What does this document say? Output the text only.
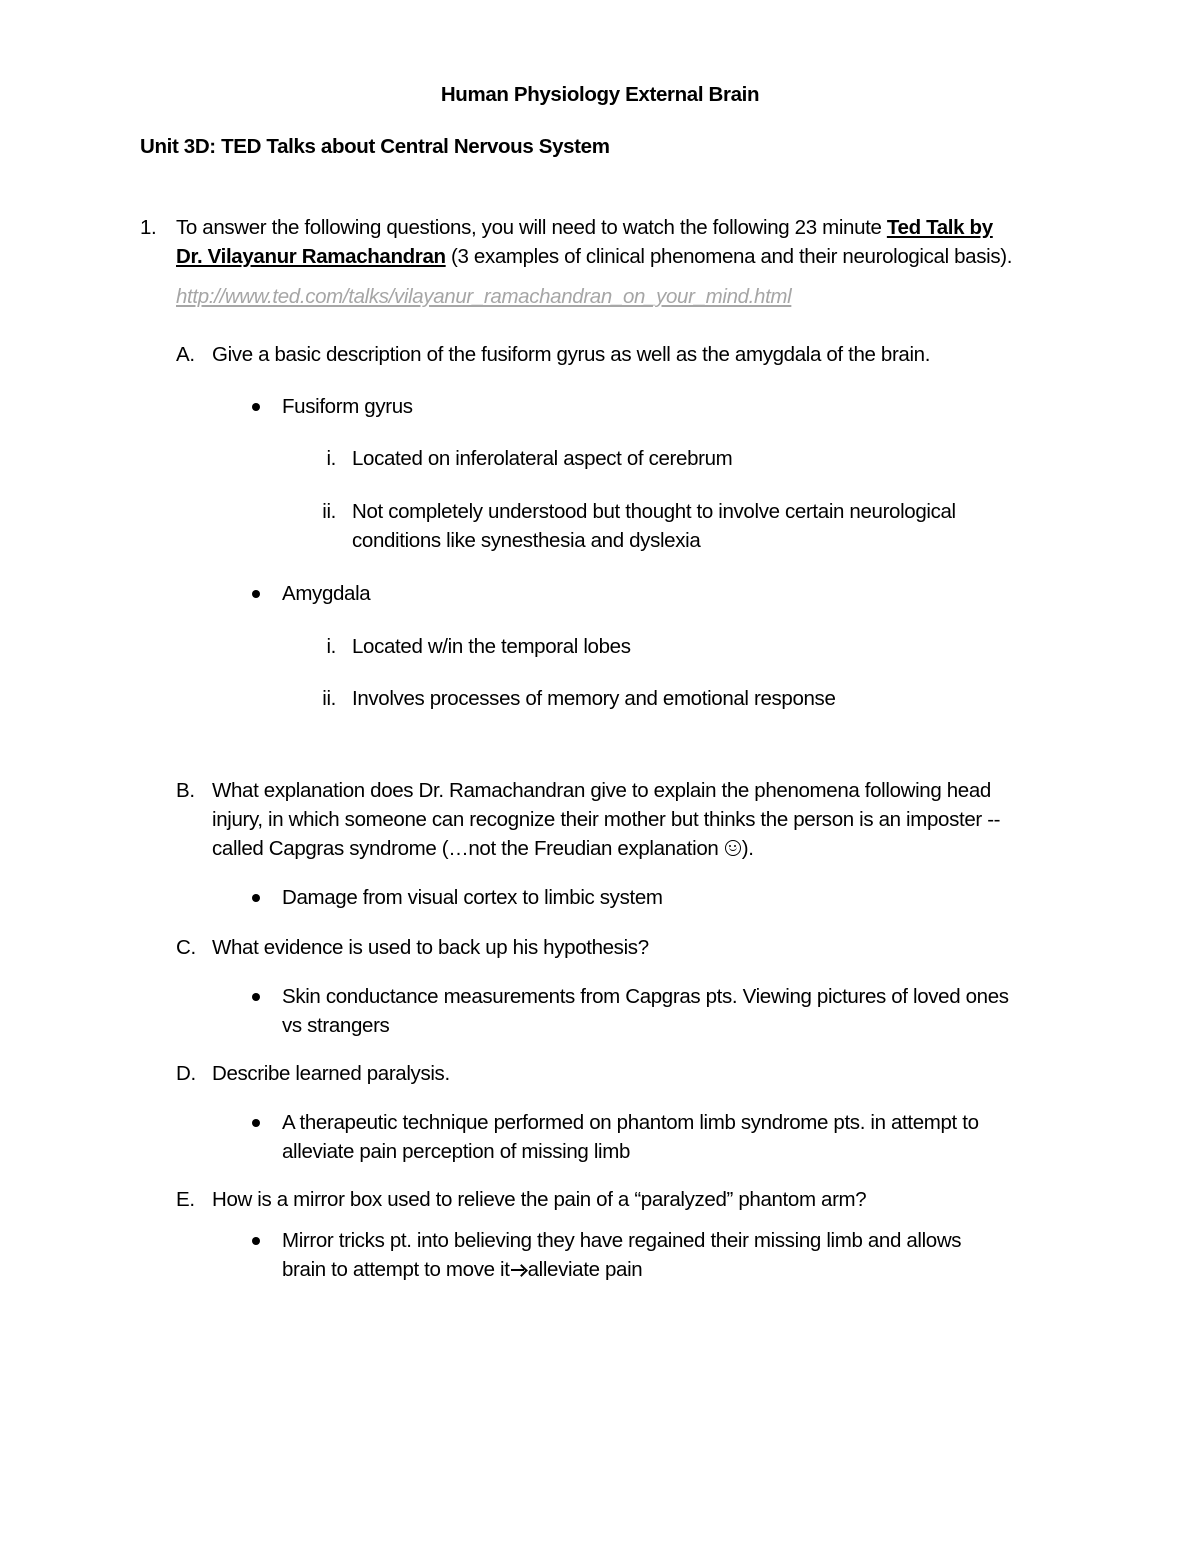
Human Physiology External Brain
Unit 3D: TED Talks about Central Nervous System
1. To answer the following questions, you will need to watch the following 23 minute Ted Talk by
Dr. Vilayanur Ramachandran (3 examples of clinical phenomena and their neurological basis).
http://www.ted.com/talks/vilayanur_ramachandran_on_your_mind.html
A. Give a basic description of the fusiform gyrus as well as the amygdala of the brain.
Fusiform gyrus
i. Located on inferolateral aspect of cerebrum
ii. Not completely understood but thought to involve certain neurological
conditions like synesthesia and dyslexia
Amygdala
i. Located w/in the temporal lobes
ii. Involves processes of memory and emotional response
B. What explanation does Dr. Ramachandran give to explain the phenomena following head
injury, in which someone can recognize their mother but thinks the person is an imposter --
called Capgras syndrome (…not the Freudian explanation ).
Damage from visual cortex to limbic system
C. What evidence is used to back up his hypothesis?
Skin conductance measurements from Capgras pts. Viewing pictures of loved ones
vs strangers
D. Describe learned paralysis.
A therapeutic technique performed on phantom limb syndrome pts. in attempt to
alleviate pain perception of missing limb
E. How is a mirror box used to relieve the pain of a “paralyzed” phantom arm?
Mirror tricks pt. into believing they have regained their missing limb and allows
brain to attempt to move it alleviate pain
